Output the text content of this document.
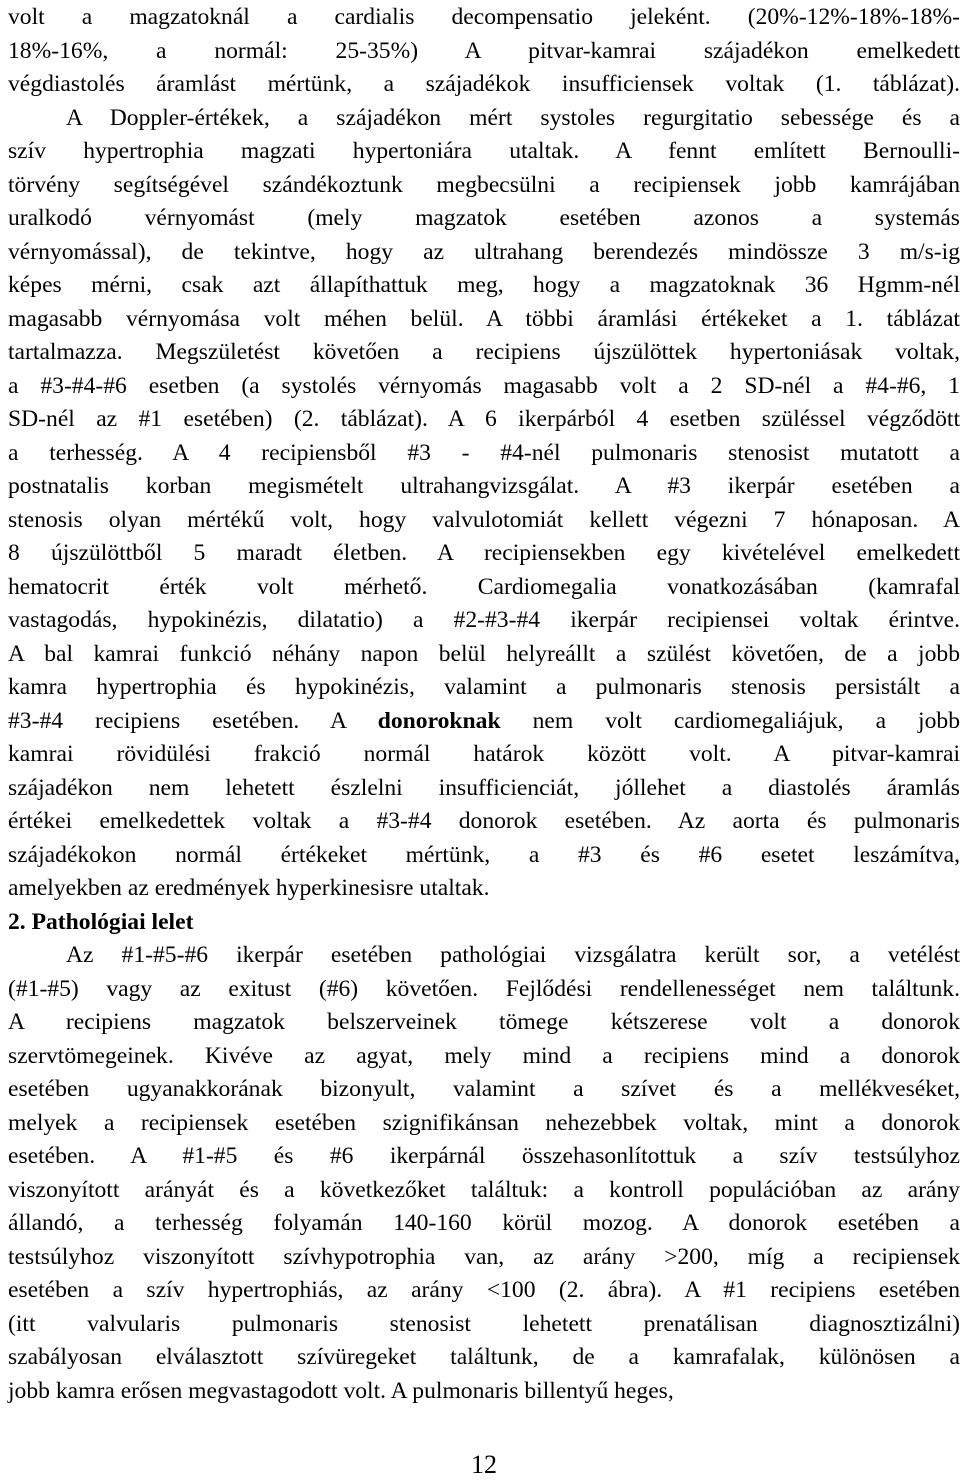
volt a magzatoknál a cardialis decompensatio jeleként. (20%-12%-18%-18%-
18%-16%, a normál: 25-35%) A pitvar-kamrai szájadékon emelkedett
végdiastolés áramlást mértünk, a szájadékok insufficiensek voltak (1. táblázat).
A Doppler-értékek, a szájadékon mért systoles regurgitatio sebessége és a
szív hypertrophia magzati hypertoniára utaltak. A fennt említett Bernoulli-
törvény segítségével szándékoztunk megbecsülni a recipiensek jobb kamrájában
uralkodó vérnyomást (mely magzatok esetében azonos a systemás
vérnyomással), de tekintve, hogy az ultrahang berendezés mindössze 3 m/s-ig
képes mérni, csak azt állapíthattuk meg, hogy a magzatoknak 36 Hgmm-nél
magasabb vérnyomása volt méhen belül. A többi áramlási értékeket a 1. táblázat
tartalmazza. Megszületést követően a recipiens újszülöttek hypertoniásak voltak,
a #3-#4-#6 esetben (a systolés vérnyomás magasabb volt a 2 SD-nél a #4-#6, 1
SD-nél az #1 esetében) (2. táblázat). A 6 ikerpárból 4 esetben szüléssel végződött
a terhesség. A 4 recipiensből #3 - #4-nél pulmonaris stenosist mutatott a
postnatalis korban megismételt ultrahangvizsgálat. A #3 ikerpár esetében a
stenosis olyan mértékű volt, hogy valvulotomiát kellett végezni 7 hónaposan. A
8 újszülöttből 5 maradt életben. A recipiensekben egy kivételével emelkedett
hematocrit érték volt mérhető. Cardiomegalia vonatkozásában (kamrafal
vastagodás, hypokinézis, dilatatio) a #2-#3-#4 ikerpár recipiensei voltak érintve.
A bal kamrai funkció néhány napon belül helyreállt a szülést követően, de a jobb
kamra hypertrophia és hypokinézis, valamint a pulmonaris stenosis persistált a
#3-#4 recipiens esetében. A donoroknak nem volt cardiomegaliájuk, a jobb
kamrai rövidülési frakció normál határok között volt. A pitvar-kamrai
szájadékon nem lehetett észlelni insufficienciát, jóllehet a diastolés áramlás
értékei emelkedettek voltak a #3-#4 donorok esetében. Az aorta és pulmonaris
szájadékokon normál értékeket mértünk, a #3 és #6 esetet leszámítva,
amelyekben az eredmények hyperkinesisre utaltak.
2. Pathológiai lelet
Az #1-#5-#6 ikerpár esetében pathológiai vizsgálatra került sor, a vetélést
(#1-#5) vagy az exitust (#6) követően. Fejlődési rendellenességet nem találtunk.
A recipiens magzatok belszerveinek tömege kétszerese volt a donorok
szervtömegeinek. Kivéve az agyat, mely mind a recipiens mind a donorok
esetében ugyanakkorának bizonyult, valamint a szívet és a mellékveséket,
melyek a recipiensek esetében szignifikánsan nehezebbek voltak, mint a donorok
esetében. A #1-#5 és #6 ikerpárnál összehasonlítottuk a szív testsúlyhoz
viszonyított arányát és a következőket találtuk: a kontroll populációban az arány
állandó, a terhesség folyamán 140-160 körül mozog. A donorok esetében a
testsúlyhoz viszonyított szívhypotrophia van, az arány >200, míg a recipiensek
esetében a szív hypertrophiás, az arány <100 (2. ábra). A #1 recipiens esetében
(itt valvularis pulmonaris stenosist lehetett prenatálisan diagnosztizálni)
szabályosan elválasztott szívüregeket találtunk, de a kamrafalak, különösen a
jobb kamra erősen megvastagodott volt. A pulmonaris billentyű heges,
12
